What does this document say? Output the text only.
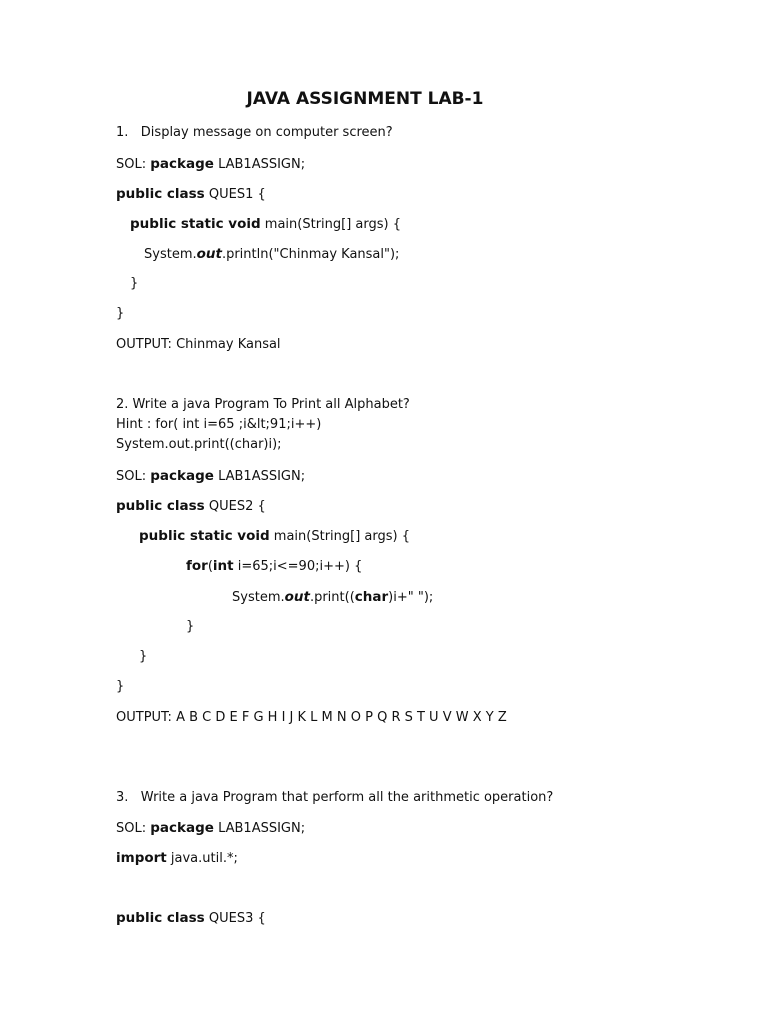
JAVA ASSIGNMENT LAB-1
1.   Display message on computer screen?
SOL: package LAB1ASSIGN;
public class QUES1 {
public static void main(String[] args) {
System.out.println("Chinmay Kansal");
}
}
OUTPUT: Chinmay Kansal
2. Write a java Program To Print all Alphabet?
Hint : for( int i=65 ;i&lt;91;i++)
System.out.print((char)i);
SOL: package LAB1ASSIGN;
public class QUES2 {
public static void main(String[] args) {
for(int i=65;i<=90;i++) {
System.out.print((char)i+" ");
}
}
}
OUTPUT: A B C D E F G H I J K L M N O P Q R S T U V W X Y Z
3.   Write a java Program that perform all the arithmetic operation?
SOL: package LAB1ASSIGN;
import java.util.*;
public class QUES3 {
